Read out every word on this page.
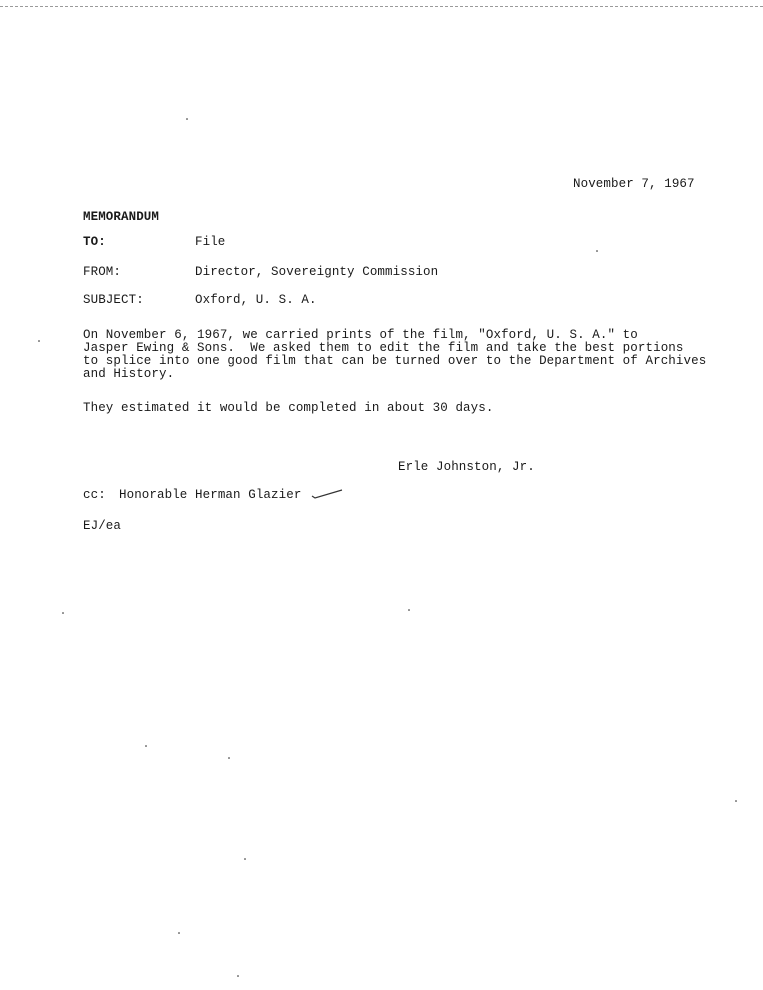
November 7, 1967
MEMORANDUM
TO:	File
FROM:	Director, Sovereignty Commission
SUBJECT:	Oxford, U. S. A.
On November 6, 1967, we carried prints of the film, "Oxford, U. S. A." to
Jasper Ewing & Sons.  We asked them to edit the film and take the best portions
to splice into one good film that can be turned over to the Department of Archives
and History.
They estimated it would be completed in about 30 days.
Erle Johnston, Jr.
cc: Honorable Herman Glazier
EJ/ea
